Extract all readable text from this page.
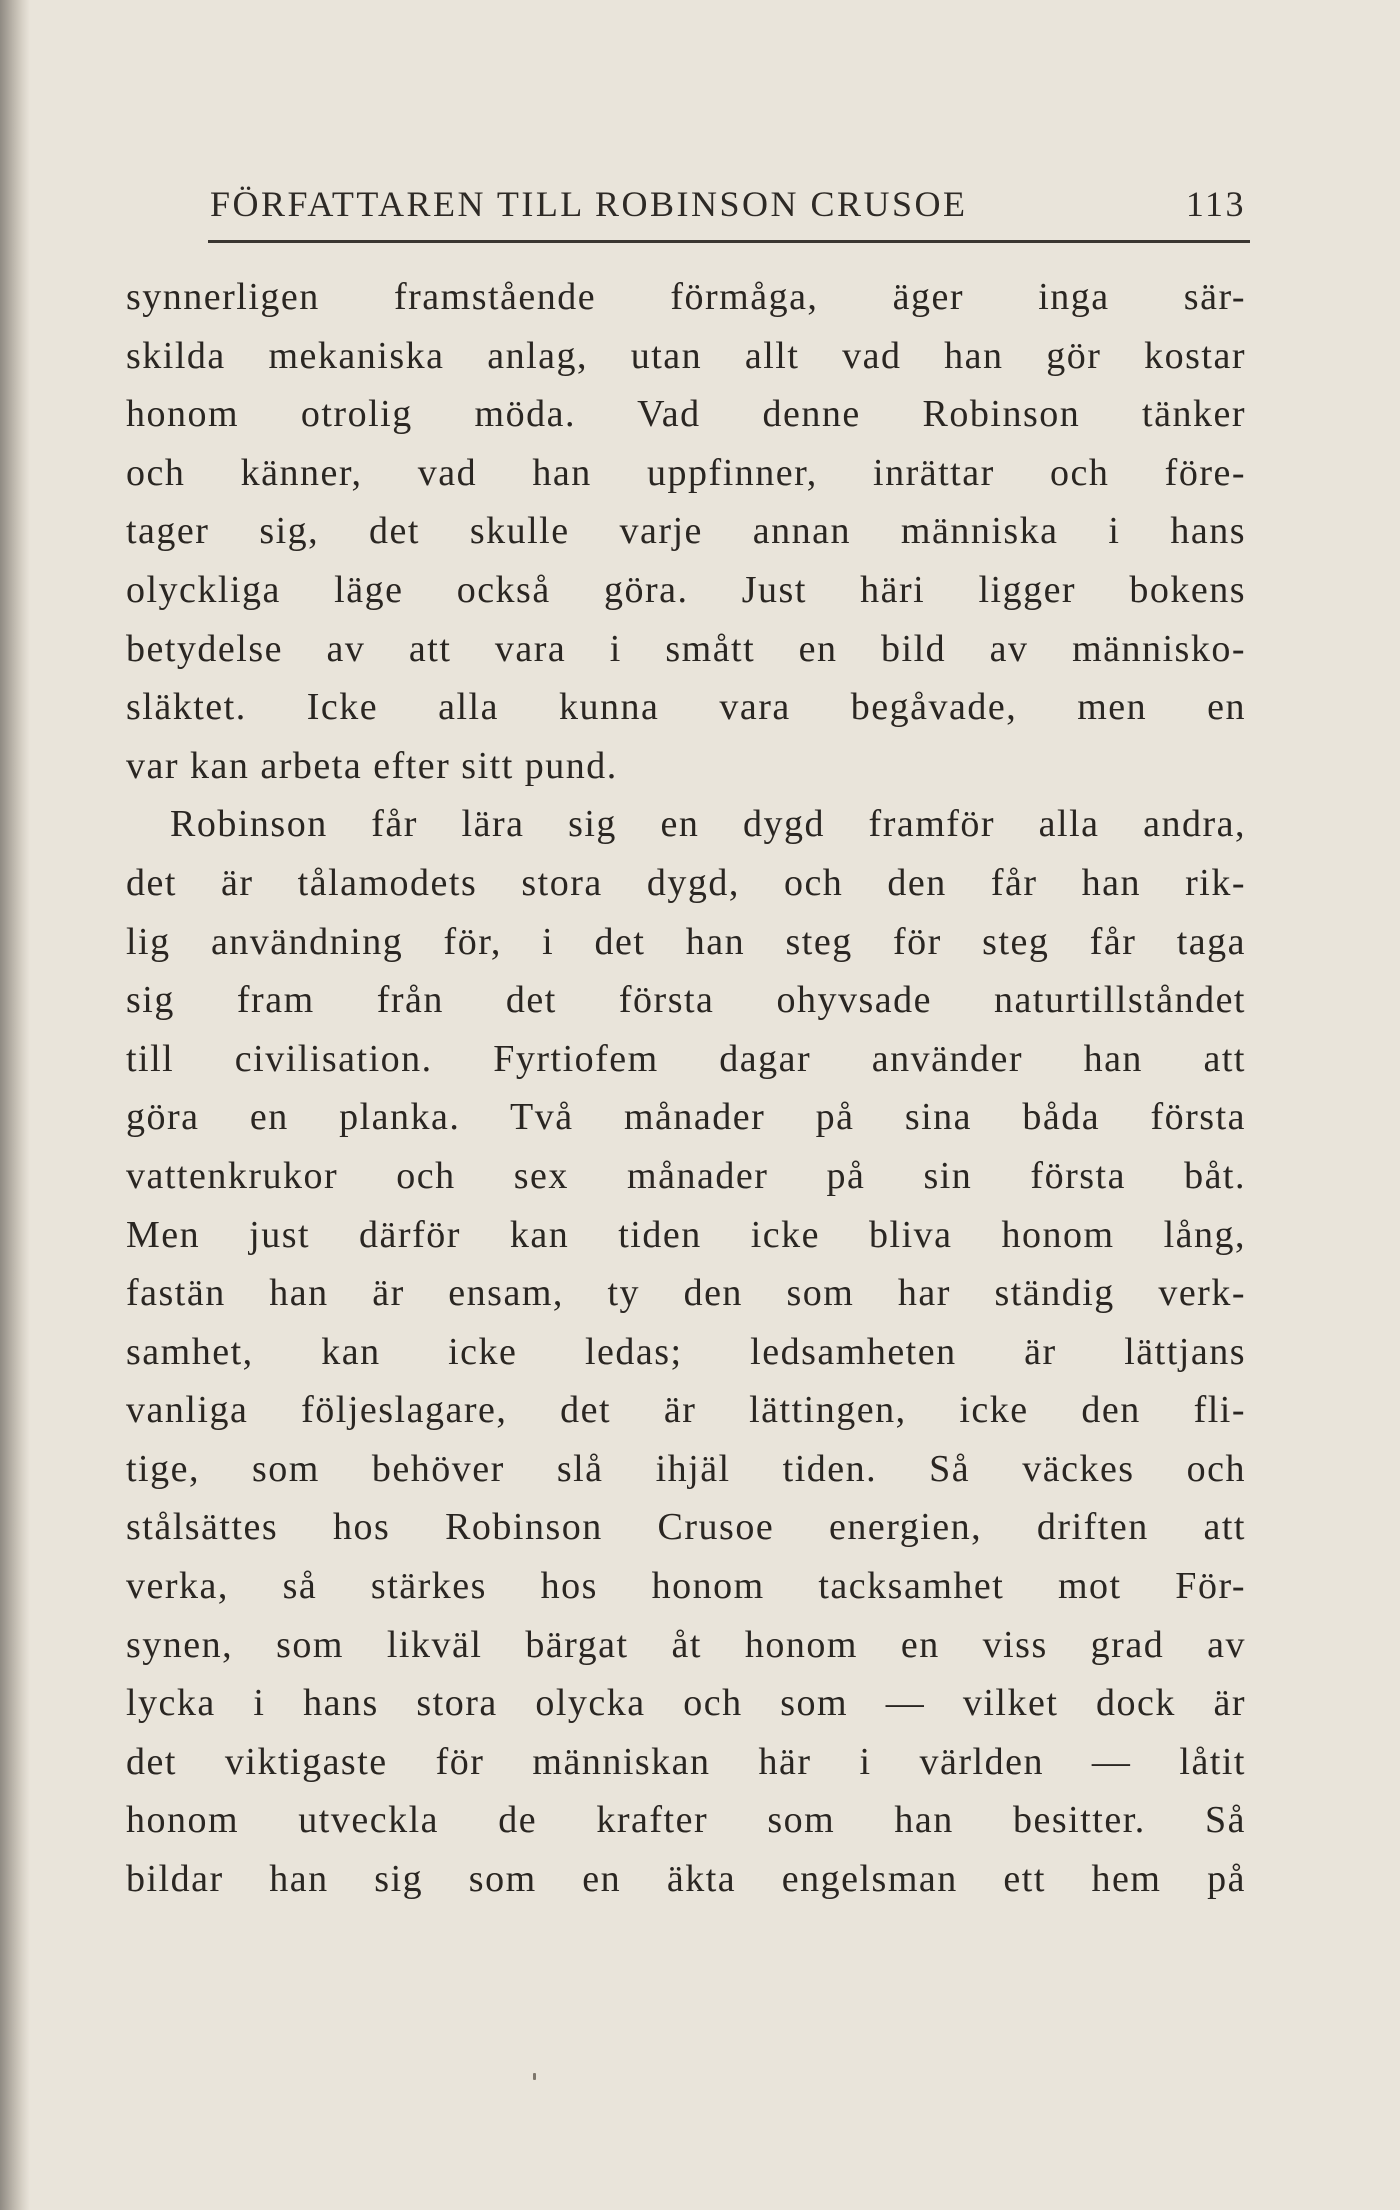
FÖRFATTAREN TILL ROBINSON CRUSOE	113
synnerligen framstående förmåga, äger inga sär-
skilda mekaniska anlag, utan allt vad han gör kostar
honom otrolig möda. Vad denne Robinson tänker
och känner, vad han uppfinner, inrättar och före-
tager sig, det skulle varje annan människa i hans
olyckliga läge också göra. Just häri ligger bokens
betydelse av att vara i smått en bild av människo-
släktet. Icke alla kunna vara begåvade, men en
var kan arbeta efter sitt pund.
Robinson får lära sig en dygd framför alla andra,
det är tålamodets stora dygd, och den får han rik-
lig användning för, i det han steg för steg får taga
sig fram från det första ohyvsade naturtillståndet
till civilisation. Fyrtiofem dagar använder han att
göra en planka. Två månader på sina båda första
vattenkrukor och sex månader på sin första båt.
Men just därför kan tiden icke bliva honom lång,
fastän han är ensam, ty den som har ständig verk-
samhet, kan icke ledas; ledsamheten är lättjans
vanliga följeslagare, det är lättingen, icke den fli-
tige, som behöver slå ihjäl tiden. Så väckes och
stålsättes hos Robinson Crusoe energien, driften att
verka, så stärkes hos honom tacksamhet mot För-
synen, som likväl bärgat åt honom en viss grad av
lycka i hans stora olycka och som — vilket dock är
det viktigaste för människan här i världen — låtit
honom utveckla de krafter som han besitter. Så
bildar han sig som en äkta engelsman ett hem på
